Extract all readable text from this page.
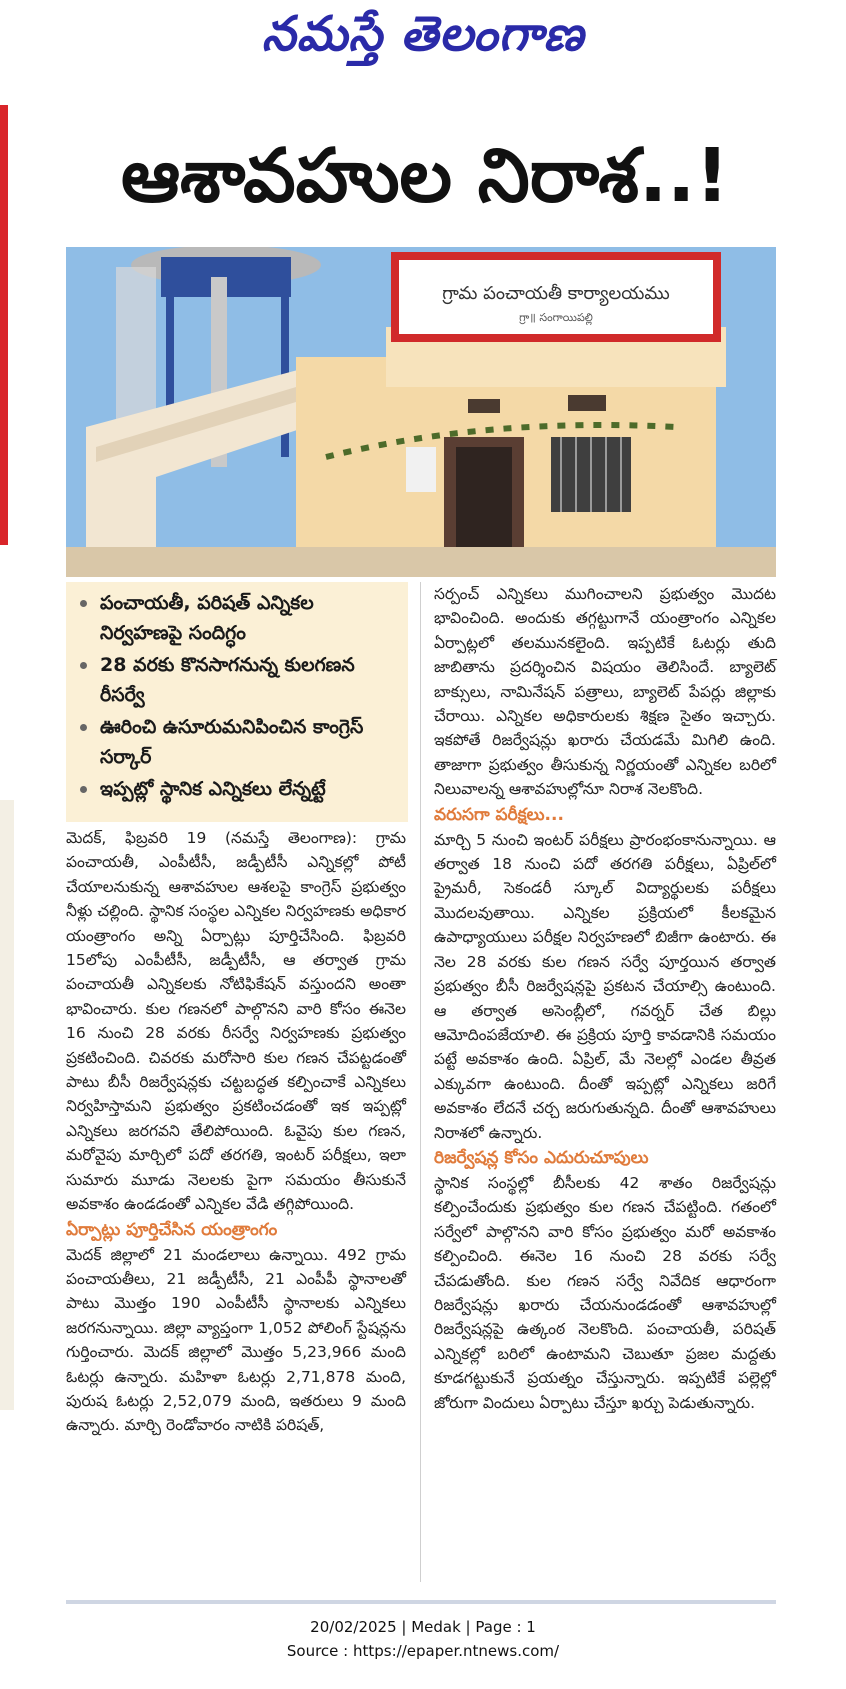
నమస్తే తెలంగాణ
ఆశావహుల నిరాశ..!
గ్రామ పంచాయతీ కార్యాలయము
గ్రా॥ సంగాయిపల్లి
పంచాయతీ, పరిషత్ ఎన్నికల నిర్వహణపై సందిగ్ధం
28 వరకు కొనసాగనున్న కులగణన రీసర్వే
ఊరించి ఉసూరుమనిపించిన కాంగ్రెస్ సర్కార్
ఇప్పట్లో స్థానిక ఎన్నికలు లేన్నట్టే

మెదక్, ఫిబ్రవరి 19 (నమస్తే తెలంగాణ): గ్రామ పంచాయతీ, ఎంపీటీసీ, జడ్పీటీసీ ఎన్నికల్లో పోటీ చేయాలనుకున్న ఆశావహుల ఆశలపై కాంగ్రెస్ ప్రభుత్వం నీళ్లు చల్లింది. స్థానిక సంస్థల ఎన్నికల నిర్వహణకు అధికార యంత్రాంగం అన్ని ఏర్పాట్లు పూర్తిచేసింది. ఫిబ్రవరి 15లోపు ఎంపీటీసీ, జడ్పీటీసీ, ఆ తర్వాత గ్రామ పంచాయతీ ఎన్నికలకు నోటిఫికేషన్ వస్తుందని అంతా భావించారు. కుల గణనలో పాల్గొనని వారి కోసం ఈనెల 16 నుంచి 28 వరకు రీసర్వే నిర్వహణకు ప్రభుత్వం ప్రకటించింది. చివరకు మరోసారి కుల గణన చేపట్టడంతో పాటు బీసీ రిజర్వేషన్లకు చట్టబద్ధత కల్పించాకే ఎన్నికలు నిర్వహిస్తామని ప్రభుత్వం ప్రకటించడంతో ఇక ఇప్పట్లో ఎన్నికలు జరగవని తేలిపోయింది. ఓవైపు కుల గణన, మరోవైపు మార్చిలో పదో తరగతి, ఇంటర్ పరీక్షలు, ఇలా సుమారు మూడు నెలలకు పైగా సమయం తీసుకునే అవకాశం ఉండడంతో ఎన్నికల వేడి తగ్గిపోయింది.

ఏర్పాట్లు పూర్తిచేసిన యంత్రాంగం

మెదక్ జిల్లాలో 21 మండలాలు ఉన్నాయి. 492 గ్రామ పంచాయతీలు, 21 జడ్పీటీసీ, 21 ఎంపీపీ స్థానాలతో పాటు మొత్తం 190 ఎంపీటీసీ స్థానాలకు ఎన్నికలు జరగనున్నాయి. జిల్లా వ్యాప్తంగా 1,052 పోలింగ్ స్టేషన్లను గుర్తించారు. మెదక్ జిల్లాలో మొత్తం 5,23,966 మంది ఓటర్లు ఉన్నారు. మహిళా ఓటర్లు 2,71,878 మంది, పురుష ఓటర్లు 2,52,079 మంది, ఇతరులు 9 మంది ఉన్నారు. మార్చి రెండోవారం నాటికి పరిషత్,

సర్పంచ్ ఎన్నికలు ముగించాలని ప్రభుత్వం మొదట భావించింది. అందుకు తగ్గట్టుగానే యంత్రాంగం ఎన్నికల ఏర్పాట్లలో తలమునకలైంది. ఇప్పటికే ఓటర్లు తుది జాబితాను ప్రదర్శించిన విషయం తెలిసిందే. బ్యాలెట్ బాక్సులు, నామినేషన్ పత్రాలు, బ్యాలెట్ పేపర్లు జిల్లాకు చేరాయి. ఎన్నికల అధికారులకు శిక్షణ సైతం ఇచ్చారు. ఇకపోతే రిజర్వేషన్లు ఖరారు చేయడమే మిగిలి ఉంది. తాజాగా ప్రభుత్వం తీసుకున్న నిర్ణయంతో ఎన్నికల బరిలో నిలువాలన్న ఆశావహుల్లోనూ నిరాశ నెలకొంది.

వరుసగా పరీక్షలు...

మార్చి 5 నుంచి ఇంటర్ పరీక్షలు ప్రారంభంకానున్నాయి. ఆ తర్వాత 18 నుంచి పదో తరగతి పరీక్షలు, ఏప్రిల్‌లో ప్రైమరీ, సెకండరీ స్కూల్ విద్యార్థులకు పరీక్షలు మొదలవుతాయి. ఎన్నికల ప్రక్రియలో కీలకమైన ఉపాధ్యాయులు పరీక్షల నిర్వహణలో బిజీగా ఉంటారు. ఈ నెల 28 వరకు కుల గణన సర్వే పూర్తయిన తర్వాత ప్రభుత్వం బీసీ రిజర్వేషన్లపై ప్రకటన చేయాల్సి ఉంటుంది. ఆ తర్వాత అసెంబ్లీలో, గవర్నర్ చేత బిల్లు ఆమోదింపజేయాలి. ఈ ప్రక్రియ పూర్తి కావడానికి సమయం పట్టే అవకాశం ఉంది. ఏప్రిల్, మే నెలల్లో ఎండల తీవ్రత ఎక్కువగా ఉంటుంది. దీంతో ఇప్పట్లో ఎన్నికలు జరిగే అవకాశం లేదనే చర్చ జరుగుతున్నది. దీంతో ఆశావహులు నిరాశలో ఉన్నారు.

రిజర్వేషన్ల కోసం ఎదురుచూపులు

స్థానిక సంస్థల్లో బీసీలకు 42 శాతం రిజర్వేషన్లు కల్పించేందుకు ప్రభుత్వం కుల గణన చేపట్టింది. గతంలో సర్వేలో పాల్గొనని వారి కోసం ప్రభుత్వం మరో అవకాశం కల్పించింది. ఈనెల 16 నుంచి 28 వరకు సర్వే చేపడుతోంది. కుల గణన సర్వే నివేదిక ఆధారంగా రిజర్వేషన్లు ఖరారు చేయనుండడంతో ఆశావహుల్లో రిజర్వేషన్లపై ఉత్కంఠ నెలకొంది. పంచాయతీ, పరిషత్ ఎన్నికల్లో బరిలో ఉంటామని చెబుతూ ప్రజల మద్దతు కూడగట్టుకునే ప్రయత్నం చేస్తున్నారు. ఇప్పటికే పల్లెల్లో జోరుగా విందులు ఏర్పాటు చేస్తూ ఖర్చు పెడుతున్నారు.

20/02/2025 | Medak | Page : 1
Source : https://epaper.ntnews.com/
